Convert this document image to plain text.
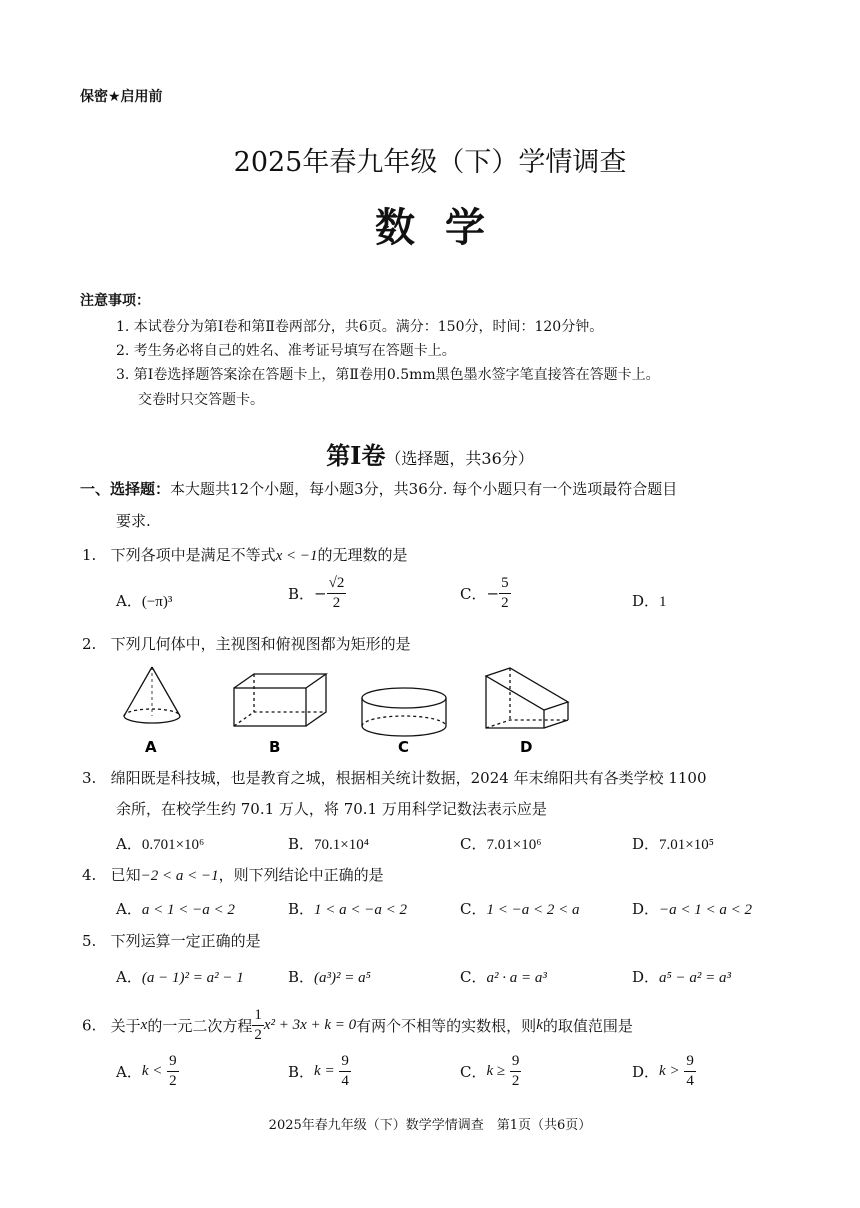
保密★启用前
2025年春九年级（下）学情调查
数学
注意事项：
1. 本试卷分为第Ⅰ卷和第Ⅱ卷两部分，共6页。满分：150分，时间：120分钟。
2. 考生务必将自己的姓名、准考证号填写在答题卡上。
3. 第Ⅰ卷选择题答案涂在答题卡上，第Ⅱ卷用0.5mm黑色墨水签字笔直接答在答题卡上。
交卷时只交答题卡。
第Ⅰ卷（选择题，共36分）
一、选择题：本大题共12个小题，每小题3分，共36分. 每个小题只有一个选项最符合题目
要求.
1. 下列各项中是满足不等式x < −1的无理数的是
A．(−π)³	B．− $\frac{√2}{2}$	C．− $\frac{5}{2}$	D．1
2. 下列几何体中，主视图和俯视图都为矩形的是
A	B	C	D
3. 绵阳既是科技城，也是教育之城，根据相关统计数据，2024 年末绵阳共有各类学校 1100
余所，在校学生约 70.1 万人，将 70.1 万用科学记数法表示应是
A．0.701×10⁶	B．70.1×10⁴	C．7.01×10⁶	D．7.01×10⁵
4. 已知−2 < a < −1，则下列结论中正确的是
A．a < 1 < −a < 2	B．1 < a < −a < 2	C．1 < −a < 2 < a	D．−a < 1 < a < 2
5. 下列运算一定正确的是
A．(a − 1)² = a² − 1	B．(a³)² = a⁵	C．a² · a = a³	D．a⁵ − a² = a³
6. 关于x的一元二次方程 $\frac{1}{2} x^2 + 3x + k = 0$有两个不相等的实数根，则k的取值范围是
A．$k < \frac{9}{2}$	B．$k = \frac{9}{4}$	C．$k \ge \frac{9}{2}$	D．$k > \frac{9}{4}$
2025年春九年级（下）数学学情调查　第1页（共6页）
